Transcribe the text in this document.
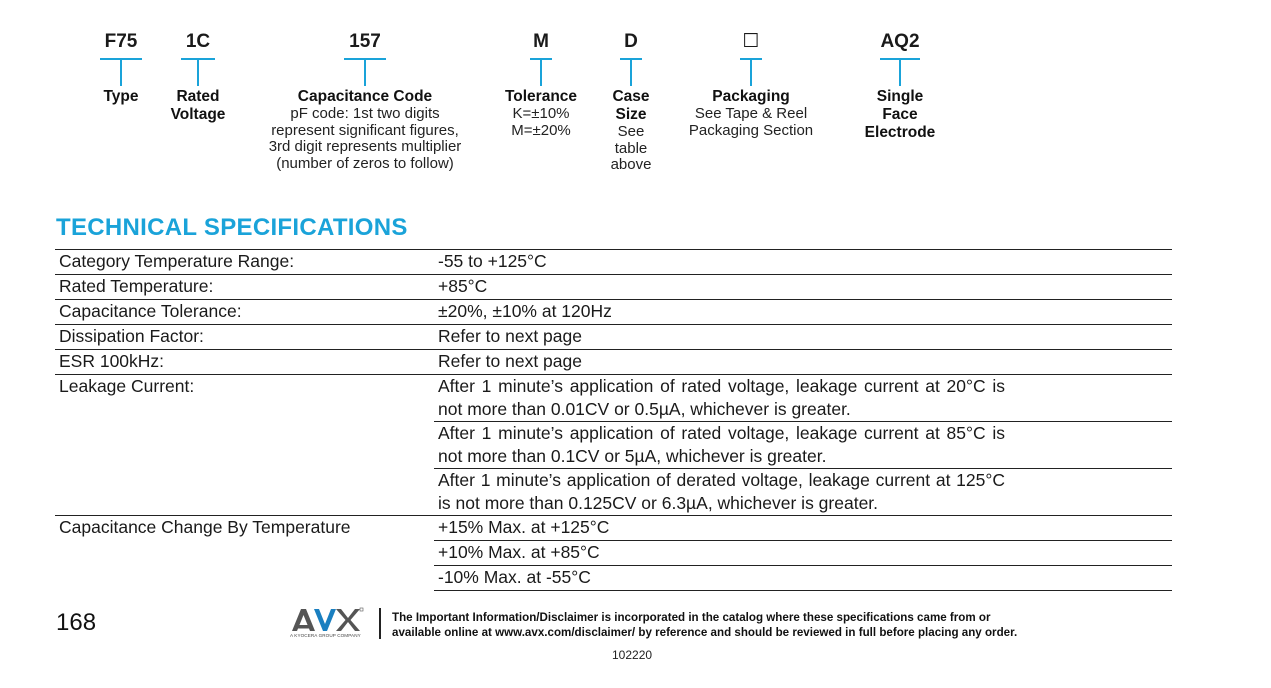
F75
Type
1C
Rated
Voltage
157
Capacitance Code
pF code: 1st two digits
represent significant figures,
3rd digit represents multiplier
(number of zeros to follow)
M
Tolerance
K=±10%
M=±20%
D
Case
Size
See
table
above
☐
Packaging
See Tape & Reel
Packaging Section
AQ2
Single
Face
Electrode
TECHNICAL SPECIFICATIONS
Category Temperature Range:	-55 to +125°C
Rated Temperature:	+85°C
Capacitance Tolerance:	±20%, ±10% at 120Hz
Dissipation Factor:	Refer to next page
ESR 100kHz:	Refer to next page
Leakage Current:	After 1 minute’s application of rated voltage, leakage current at 20°C is not more than 0.01CV or 0.5µA, whichever is greater.

	After 1 minute’s application of rated voltage, leakage current at 85°C is not more than 0.1CV or 5µA, whichever is greater.

	After 1 minute’s application of derated voltage, leakage current at 125°C is not more than 0.125CV or 6.3µA, whichever is greater.

Capacitance Change By Temperature	+15% Max. at +125°C
	+10% Max. at +85°C
	-10% Max. at -55°C
168	A KYOCERA GROUP COMPANY
The Important Information/Disclaimer is incorporated in the catalog where these specifications came from or
available online at www.avx.com/disclaimer/ by reference and should be reviewed in full before placing any order.
102220
